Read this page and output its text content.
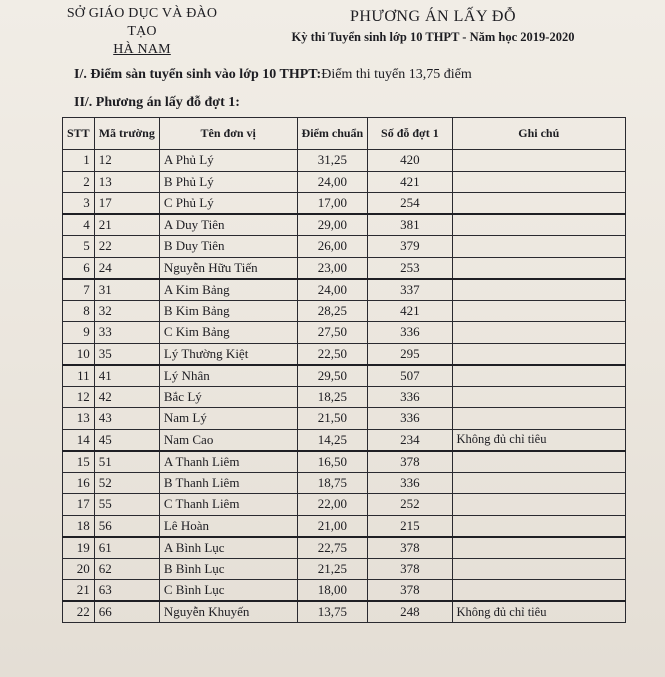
SỞ GIÁO DỤC VÀ ĐÀO TẠO
HÀ NAM
PHƯƠNG ÁN LẤY ĐỖ
Kỳ thi Tuyển sinh lớp 10 THPT - Năm học 2019-2020
I/. Điểm sàn tuyển sinh vào lớp 10 THPT:Điểm thi tuyển 13,75 điểm
II/. Phương án lấy đỗ đợt 1:
STT	Mã trường	Tên đơn vị	Điểm chuẩn	Số đỗ đợt 1	Ghi chú
1	12	A Phủ Lý	31,25	420	
2	13	B Phủ Lý	24,00	421	
3	17	C Phủ Lý	17,00	254	
4	21	A Duy Tiên	29,00	381	
5	22	B Duy Tiên	26,00	379	
6	24	Nguyễn Hữu Tiến	23,00	253	
7	31	A Kim Bảng	24,00	337	
8	32	B Kim Bảng	28,25	421	
9	33	C Kim Bảng	27,50	336	
10	35	Lý Thường Kiệt	22,50	295	
11	41	Lý Nhân	29,50	507	
12	42	Bắc Lý	18,25	336	
13	43	Nam Lý	21,50	336	
14	45	Nam Cao	14,25	234	Không đủ chỉ tiêu
15	51	A Thanh Liêm	16,50	378	
16	52	B Thanh Liêm	18,75	336	
17	55	C Thanh Liêm	22,00	252	
18	56	Lê Hoàn	21,00	215	
19	61	A Bình Lục	22,75	378	
20	62	B Bình Lục	21,25	378	
21	63	C Bình Lục	18,00	378	
22	66	Nguyễn Khuyến	13,75	248	Không đủ chỉ tiêu
